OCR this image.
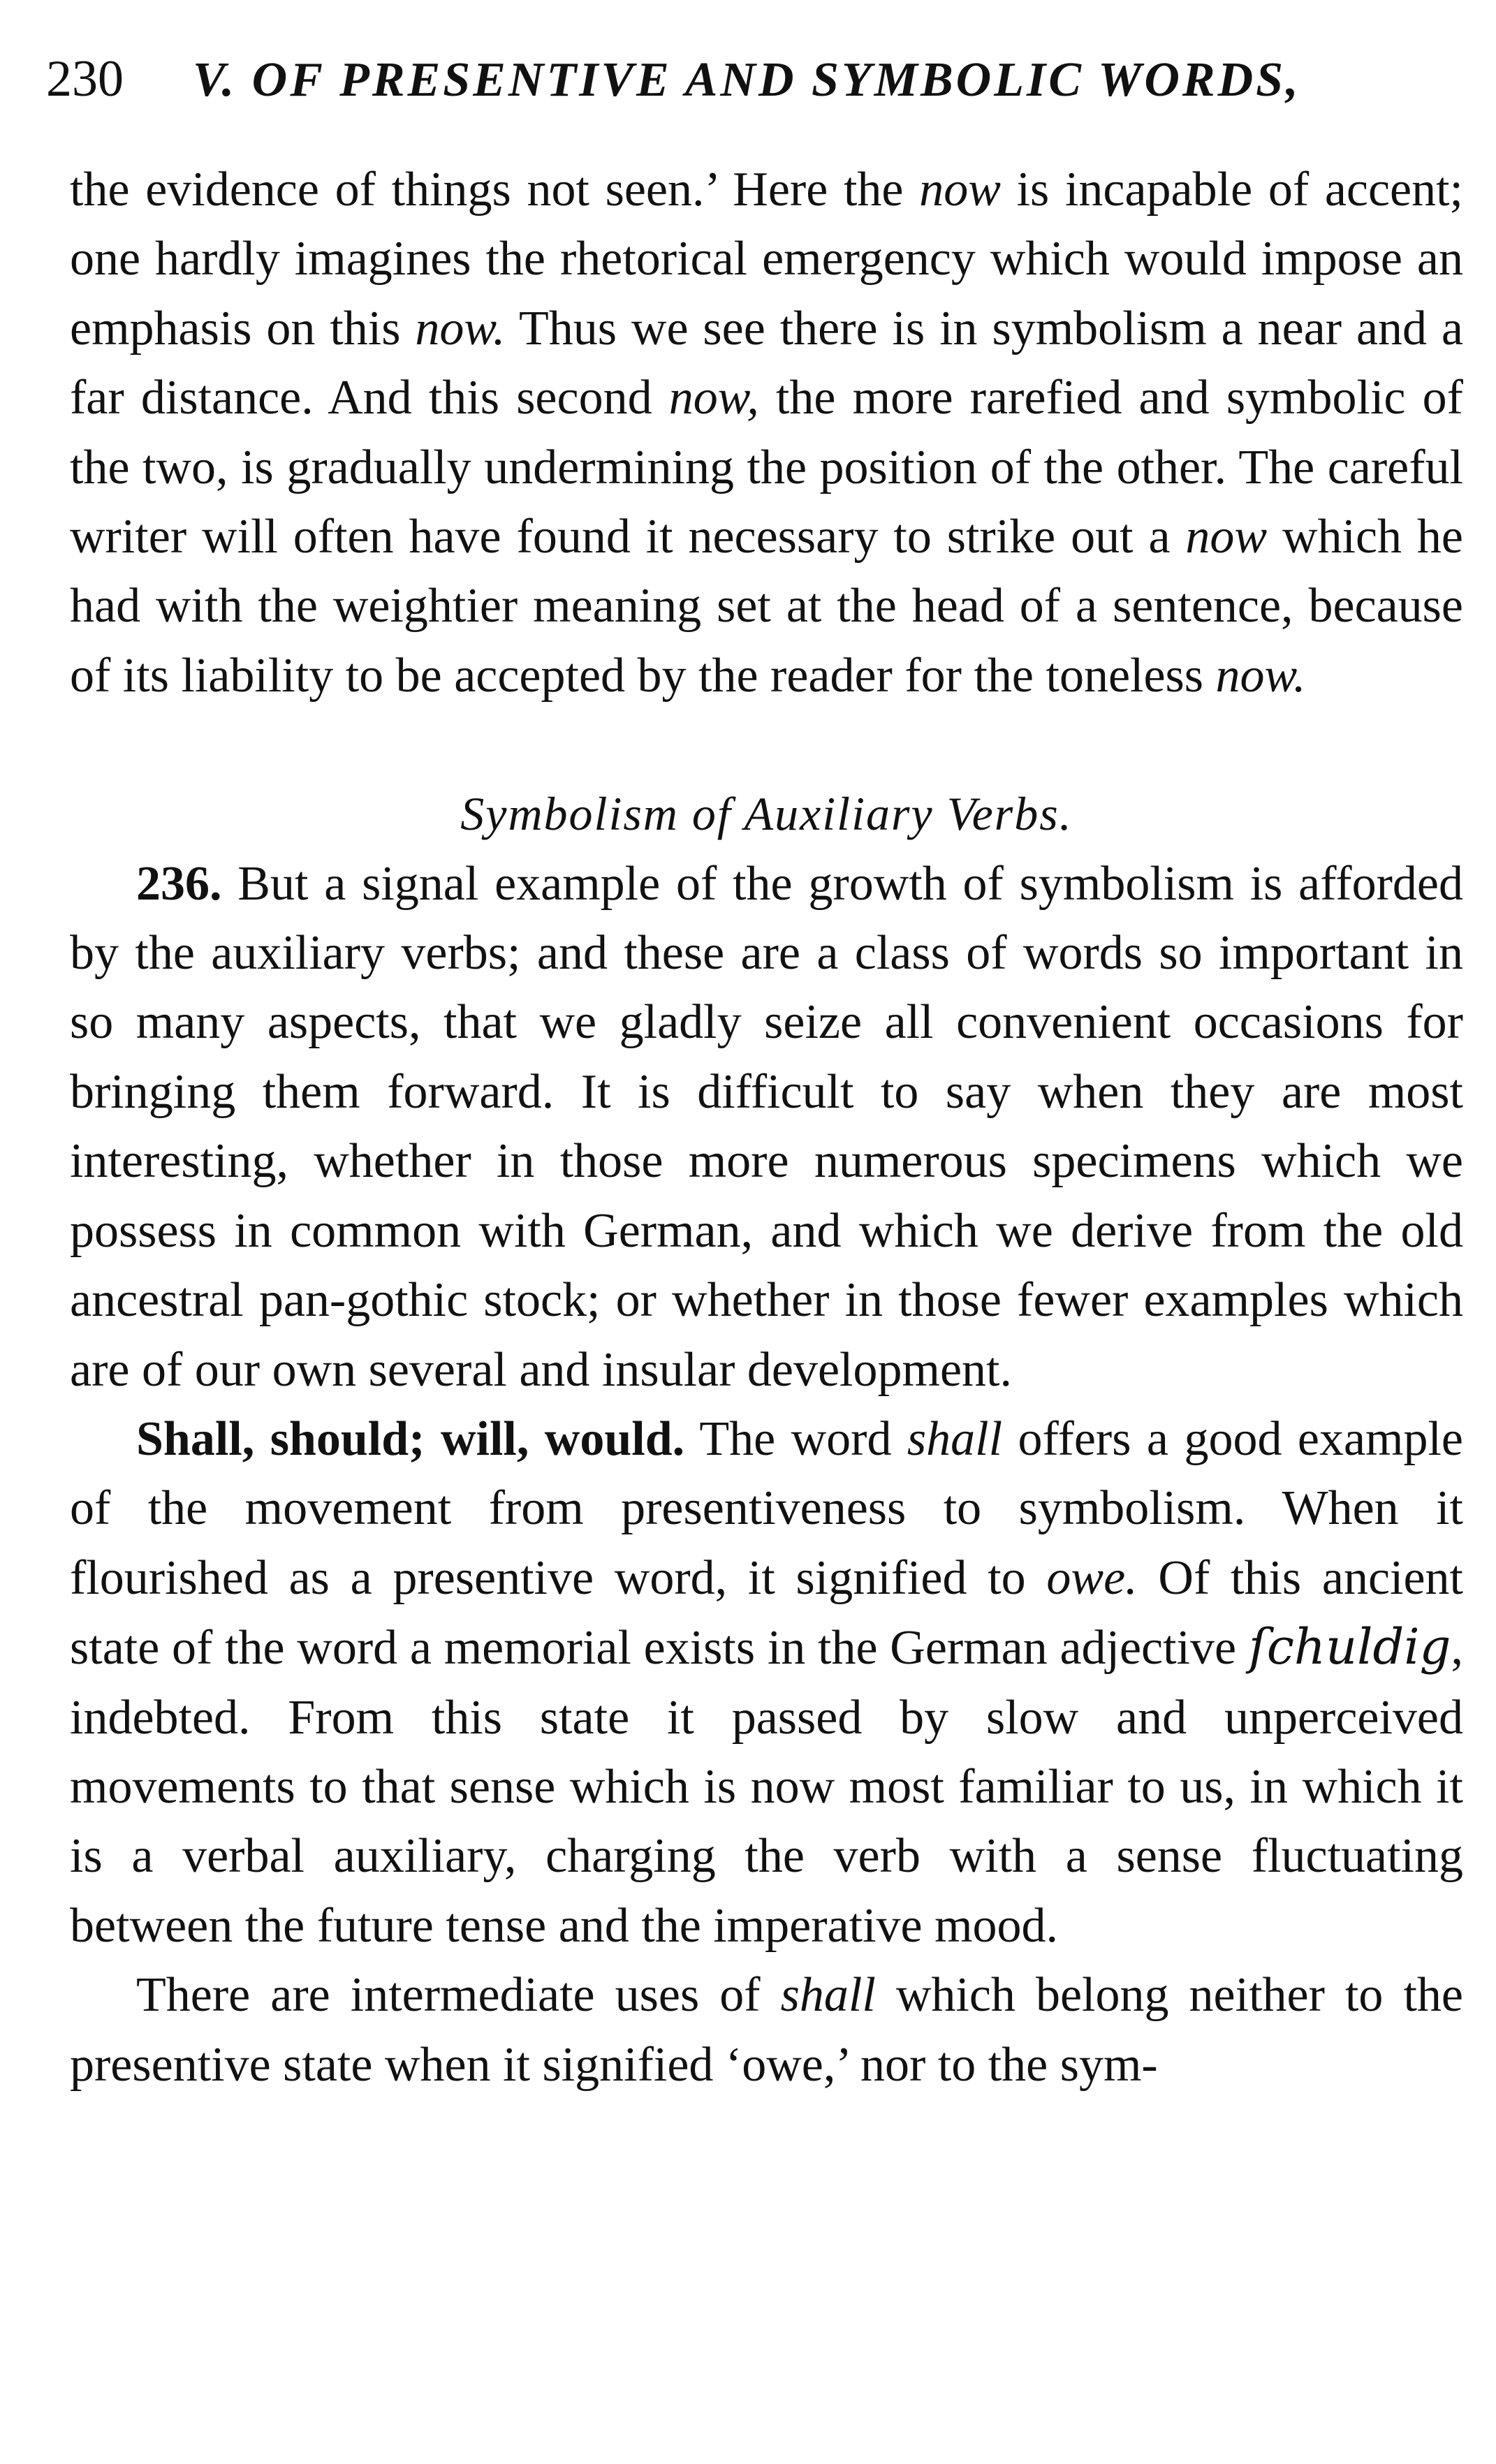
230 V. OF PRESENTIVE AND SYMBOLIC WORDS,

the evidence of things not seen.’ Here the now is incapable of accent; one hardly imagines the rhetorical emergency which would impose an emphasis on this now. Thus we see there is in symbolism a near and a far distance. And this second now, the more rarefied and symbolic of the two, is gradually undermining the position of the other. The careful writer will often have found it necessary to strike out a now which he had with the weightier meaning set at the head of a sentence, because of its liability to be accepted by the reader for the toneless now.

Symbolism of Auxiliary Verbs.

236. But a signal example of the growth of symbolism is afforded by the auxiliary verbs; and these are a class of words so important in so many aspects, that we gladly seize all convenient occasions for bringing them forward. It is difficult to say when they are most interesting, whether in those more numerous specimens which we possess in common with German, and which we derive from the old ancestral pan-gothic stock; or whether in those fewer examples which are of our own several and insular development.

Shall, should; will, would. The word shall offers a good example of the movement from presentiveness to symbolism. When it flourished as a presentive word, it signified to owe. Of this ancient state of the word a memorial exists in the German adjective ſchuldig, indebted. From this state it passed by slow and unperceived movements to that sense which is now most familiar to us, in which it is a verbal auxiliary, charging the verb with a sense fluctuating between the future tense and the imperative mood.

There are intermediate uses of shall which belong neither to the presentive state when it signified ‘owe,’ nor to the sym-
